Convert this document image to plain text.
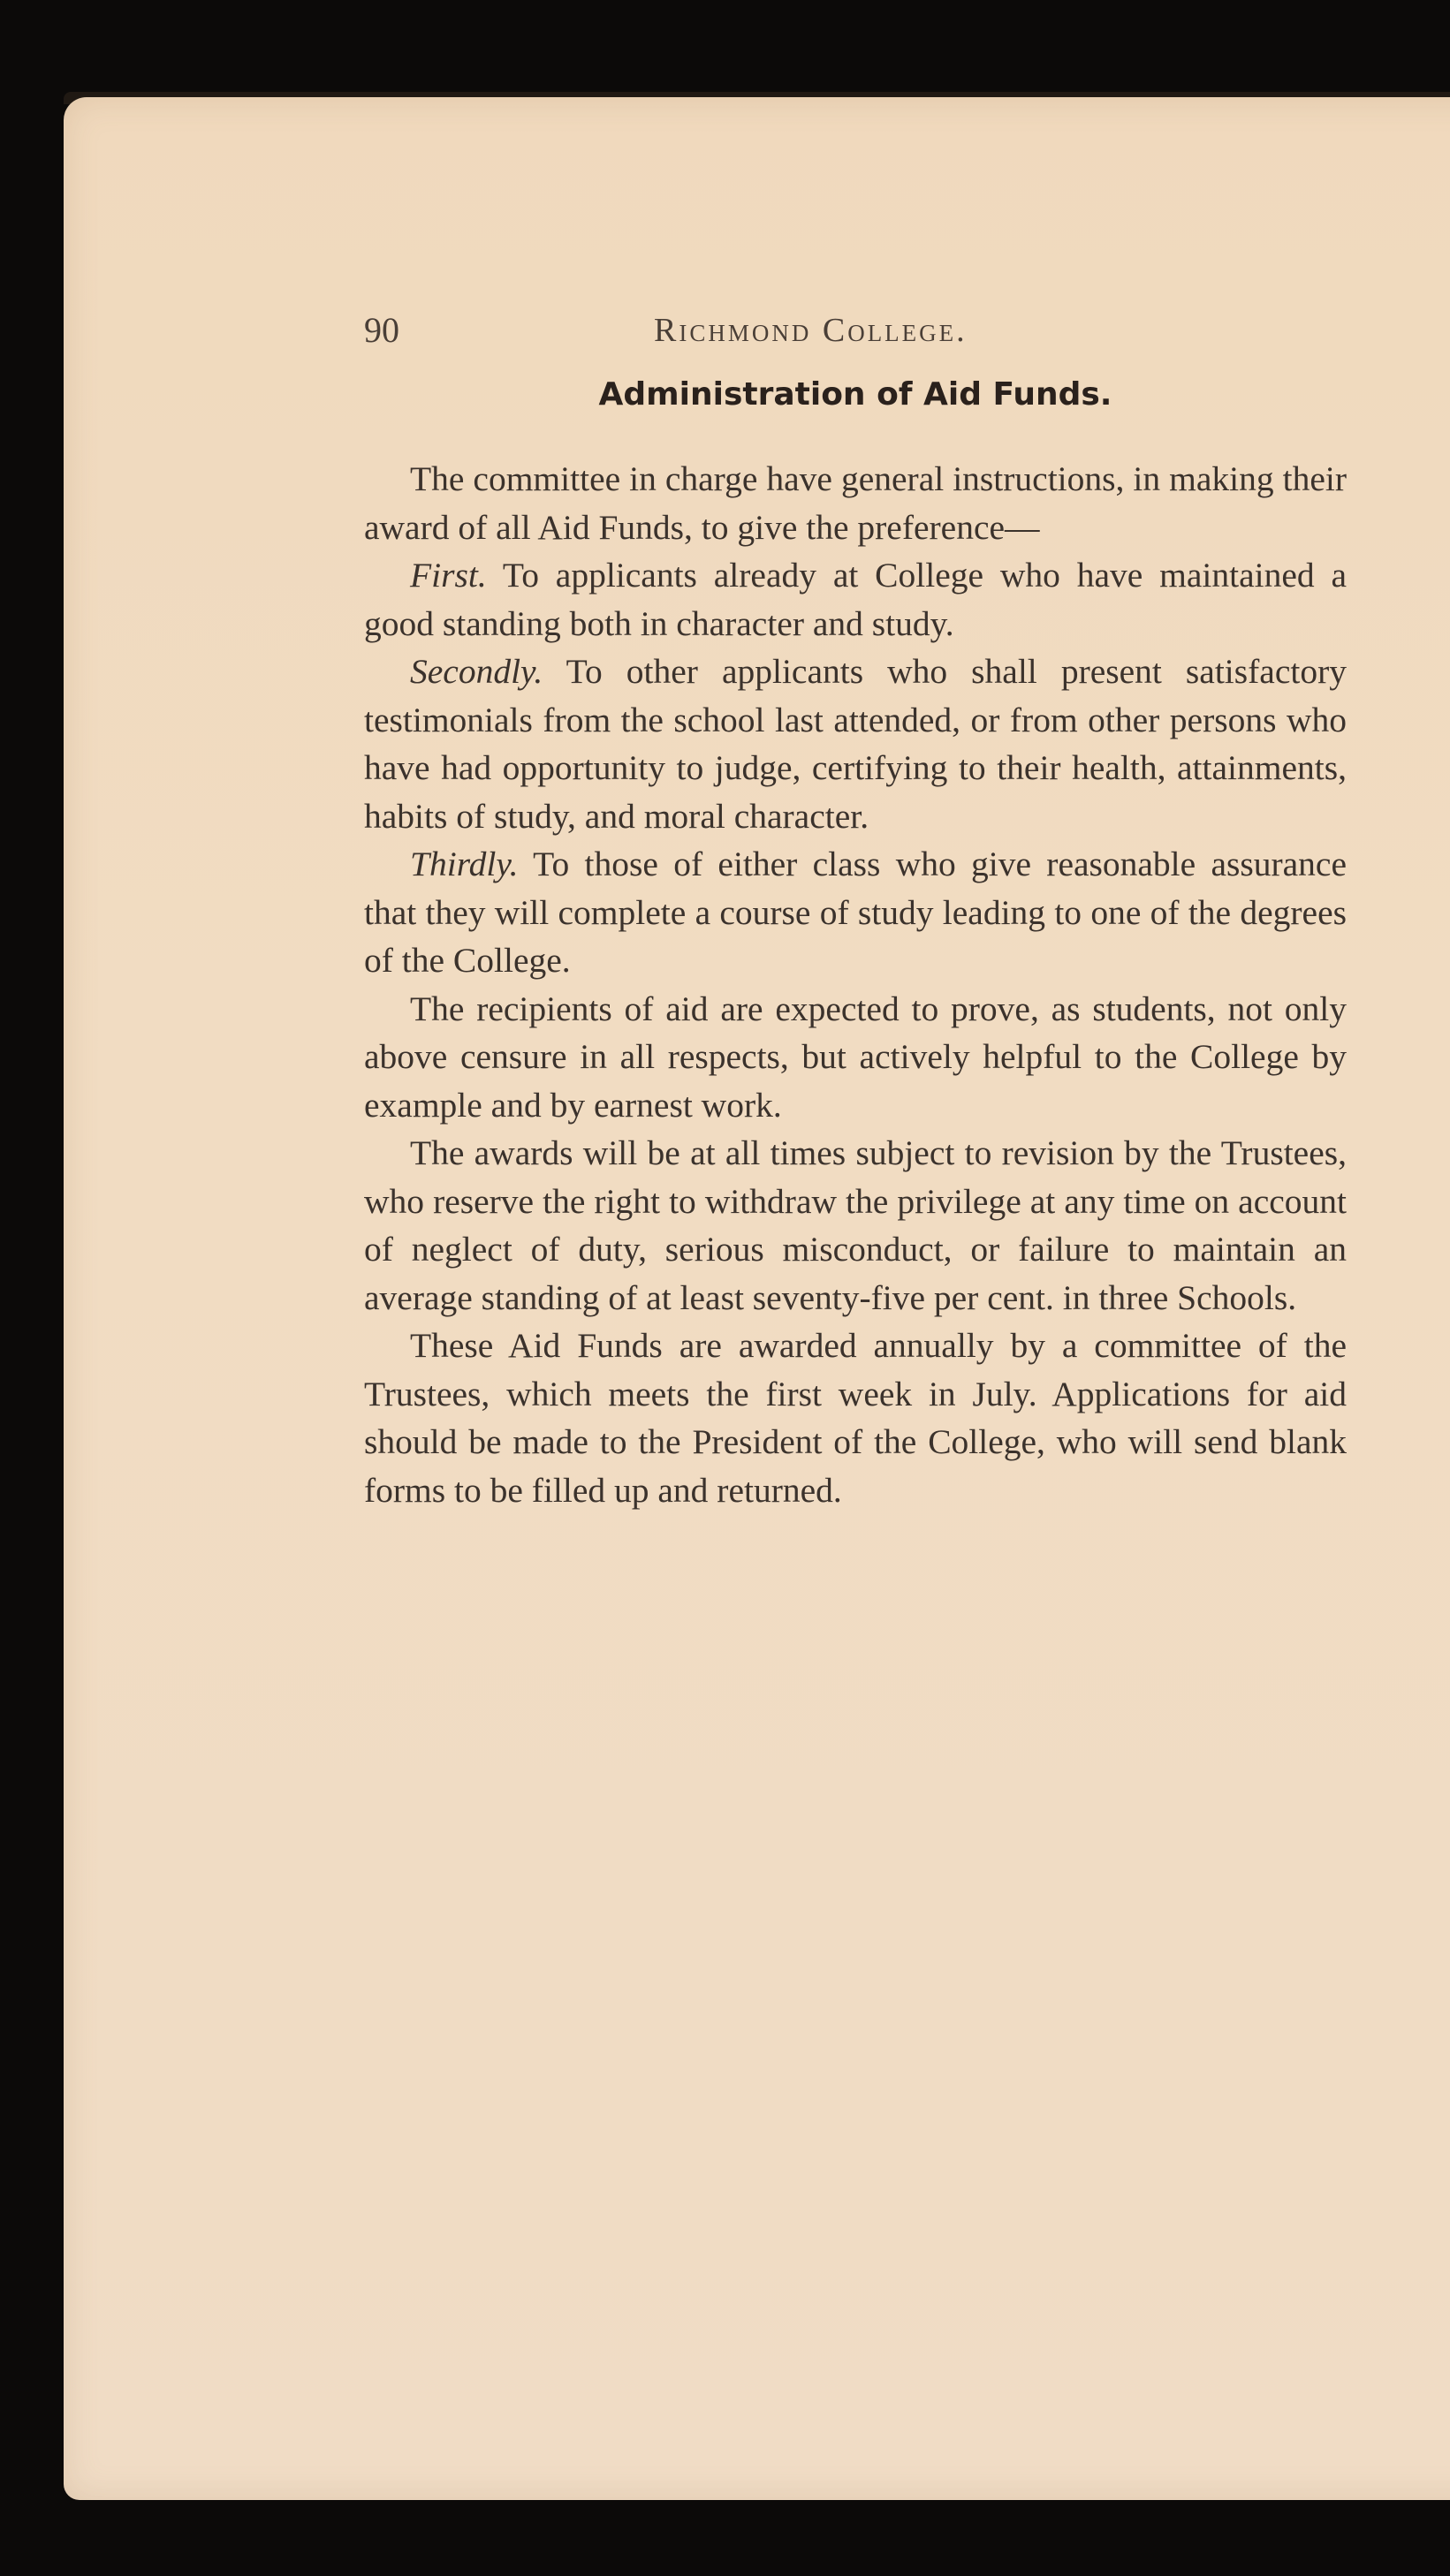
90	Richmond College.
Administration of Aid Funds.

The committee in charge have general instructions, in making their award of all Aid Funds, to give the preference—

First. To applicants already at College who have maintained a good standing both in character and study.

Secondly. To other applicants who shall present satisfactory testimonials from the school last attended, or from other persons who have had opportunity to judge, certifying to their health, attainments, habits of study, and moral character.

Thirdly. To those of either class who give reasonable assurance that they will complete a course of study leading to one of the degrees of the College.

The recipients of aid are expected to prove, as students, not only above censure in all respects, but actively helpful to the College by example and by earnest work.

The awards will be at all times subject to revision by the Trustees, who reserve the right to withdraw the privilege at any time on account of neglect of duty, serious misconduct, or failure to maintain an average standing of at least seventy-five per cent. in three Schools.

These Aid Funds are awarded annually by a committee of the Trustees, which meets the first week in July. Applications for aid should be made to the President of the College, who will send blank forms to be filled up and returned.
